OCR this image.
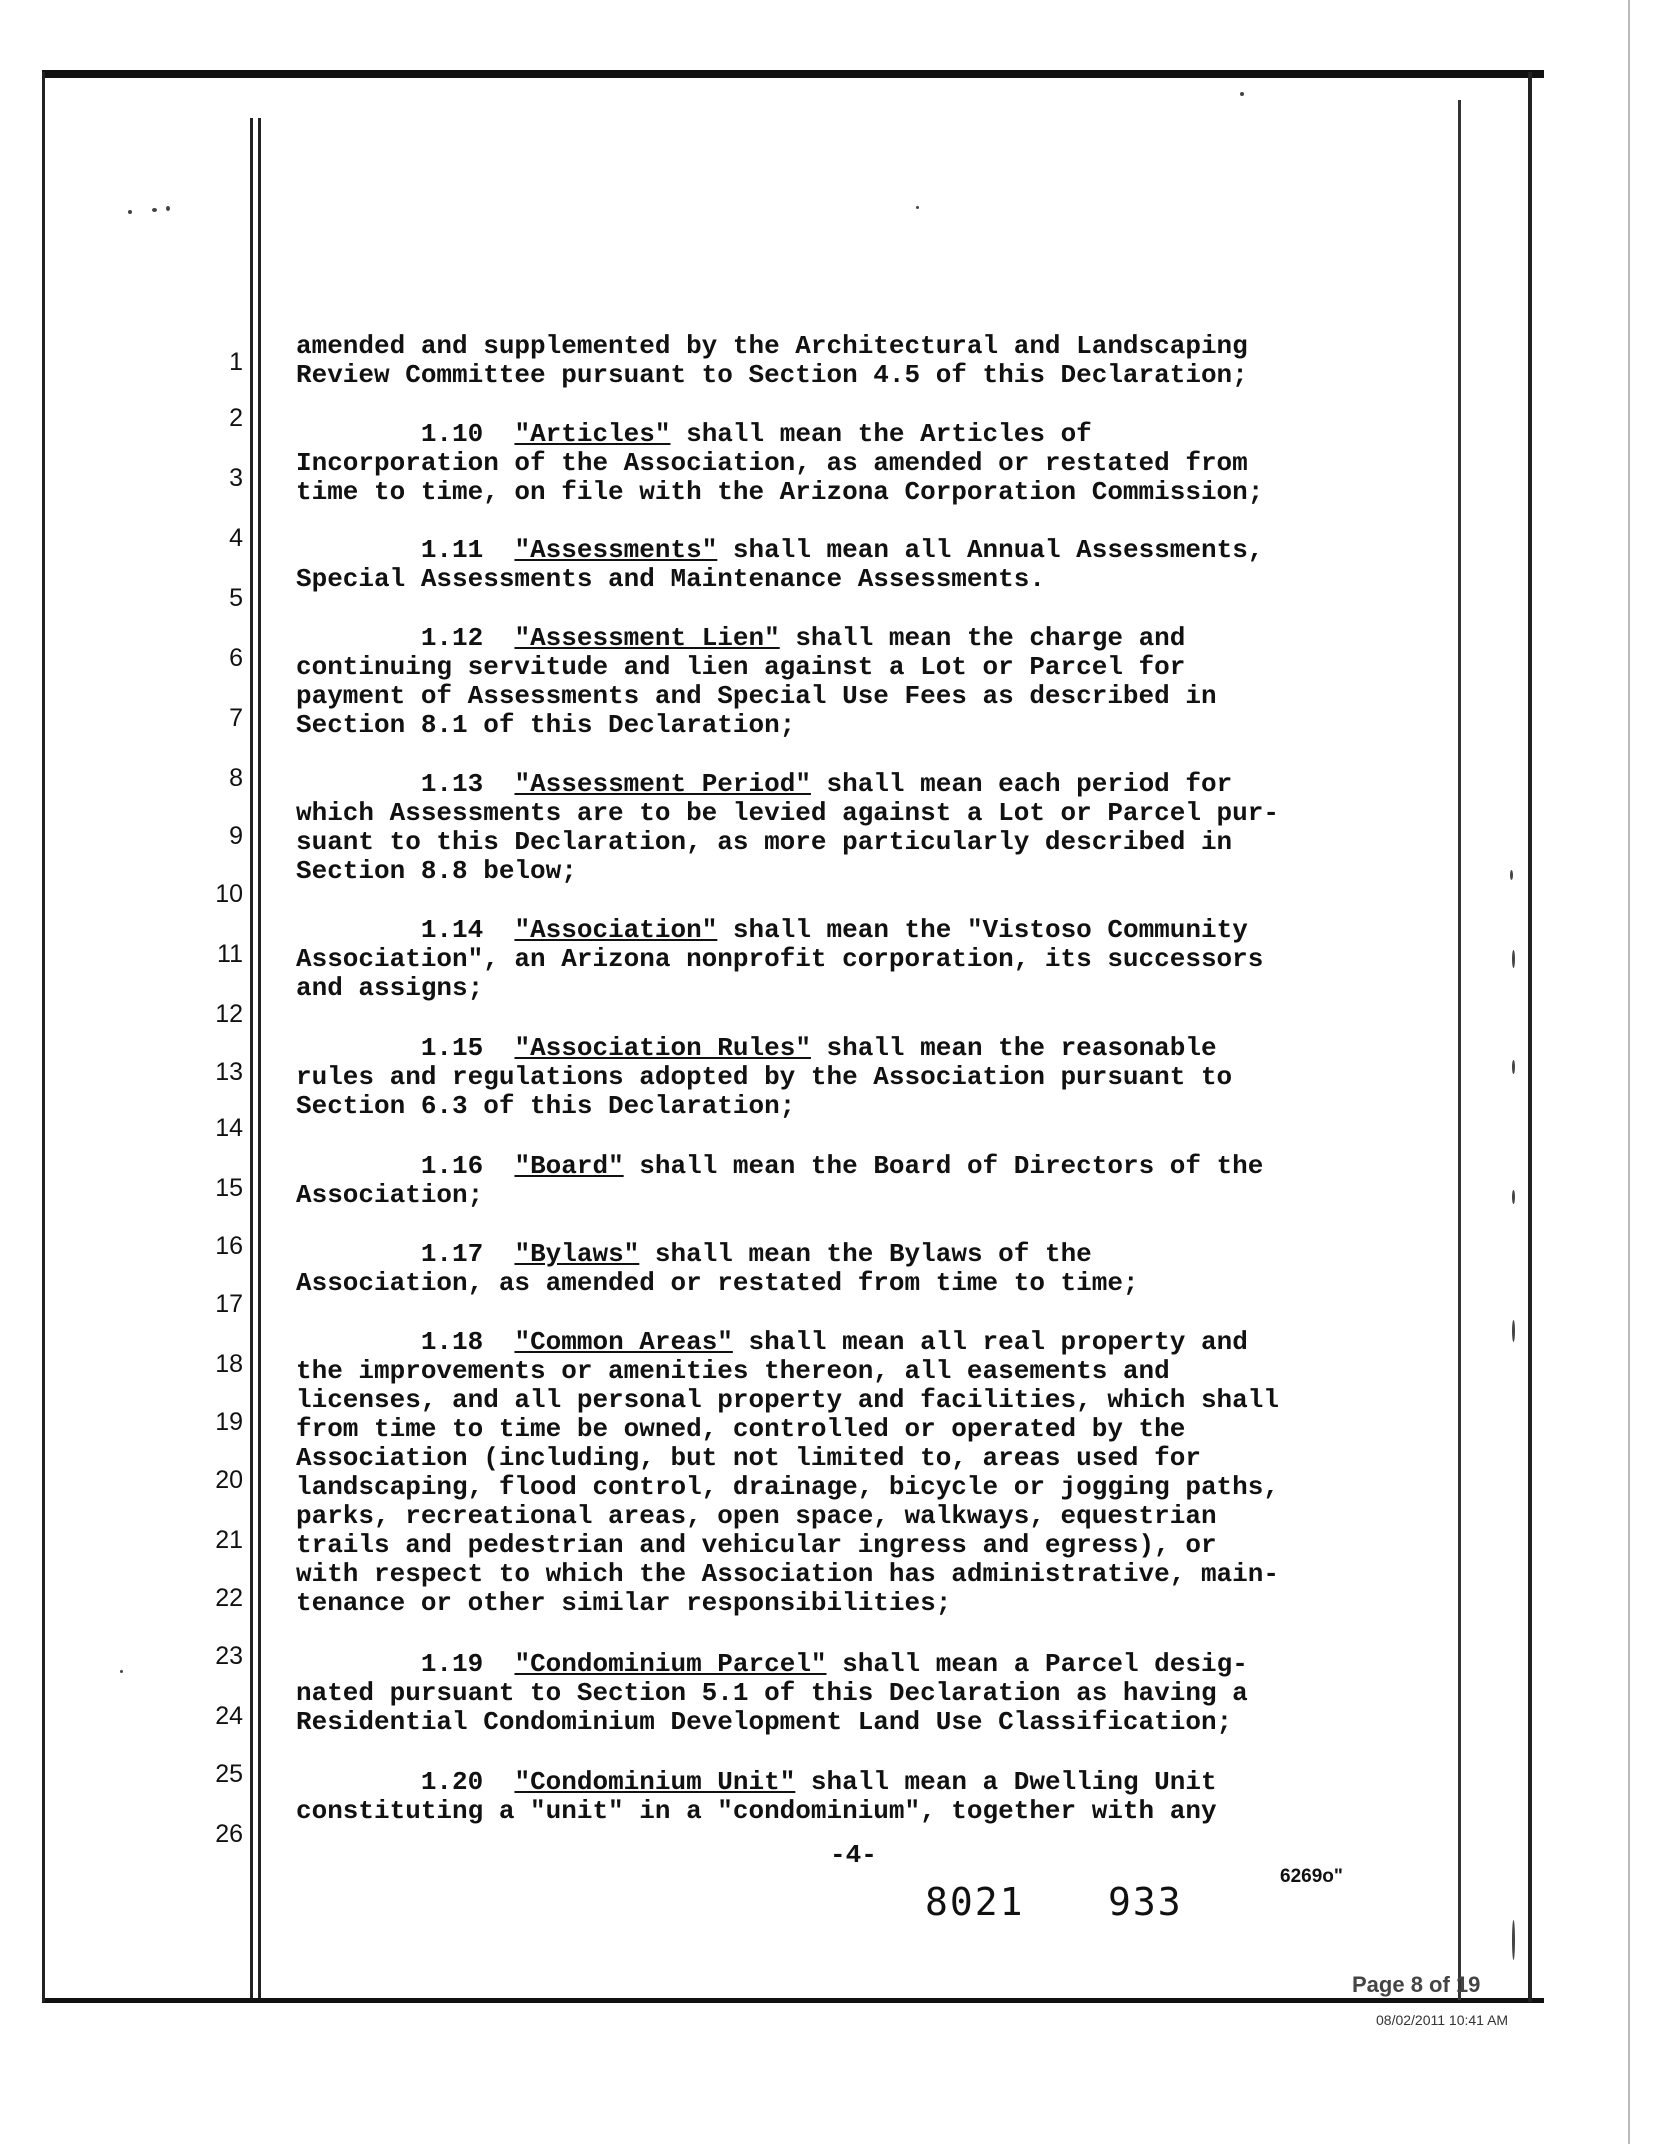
1
2
3
4
5
6
7
8
9
10
11
12
13
14
15
16
17
18
19
20
21
22
23
24
25
26
amended and supplemented by the Architectural and Landscaping
Review Committee pursuant to Section 4.5 of this Declaration;
1.10 "Articles" shall mean the Articles of
Incorporation of the Association, as amended or restated from
time to time, on file with the Arizona Corporation Commission;
1.11 "Assessments" shall mean all Annual Assessments,
Special Assessments and Maintenance Assessments.
1.12 "Assessment Lien" shall mean the charge and
continuing servitude and lien against a Lot or Parcel for
payment of Assessments and Special Use Fees as described in
Section 8.1 of this Declaration;
1.13 "Assessment Period" shall mean each period for
which Assessments are to be levied against a Lot or Parcel pur-
suant to this Declaration, as more particularly described in
Section 8.8 below;
1.14 "Association" shall mean the "Vistoso Community
Association", an Arizona nonprofit corporation, its successors
and assigns;
1.15 "Association Rules" shall mean the reasonable
rules and regulations adopted by the Association pursuant to
Section 6.3 of this Declaration;
1.16 "Board" shall mean the Board of Directors of the
Association;
1.17 "Bylaws" shall mean the Bylaws of the
Association, as amended or restated from time to time;
1.18 "Common Areas" shall mean all real property and
the improvements or amenities thereon, all easements and
licenses, and all personal property and facilities, which shall
from time to time be owned, controlled or operated by the
Association (including, but not limited to, areas used for
landscaping, flood control, drainage, bicycle or jogging paths,
parks, recreational areas, open space, walkways, equestrian
trails and pedestrian and vehicular ingress and egress), or
with respect to which the Association has administrative, main-
tenance or other similar responsibilities;
1.19 "Condominium Parcel" shall mean a Parcel desig-
nated pursuant to Section 5.1 of this Declaration as having a
Residential Condominium Development Land Use Classification;
1.20 "Condominium Unit" shall mean a Dwelling Unit
constituting a "unit" in a "condominium", together with any
-4-
8021 933
6269o"
Page 8 of 19
08/02/2011 10:41 AM
